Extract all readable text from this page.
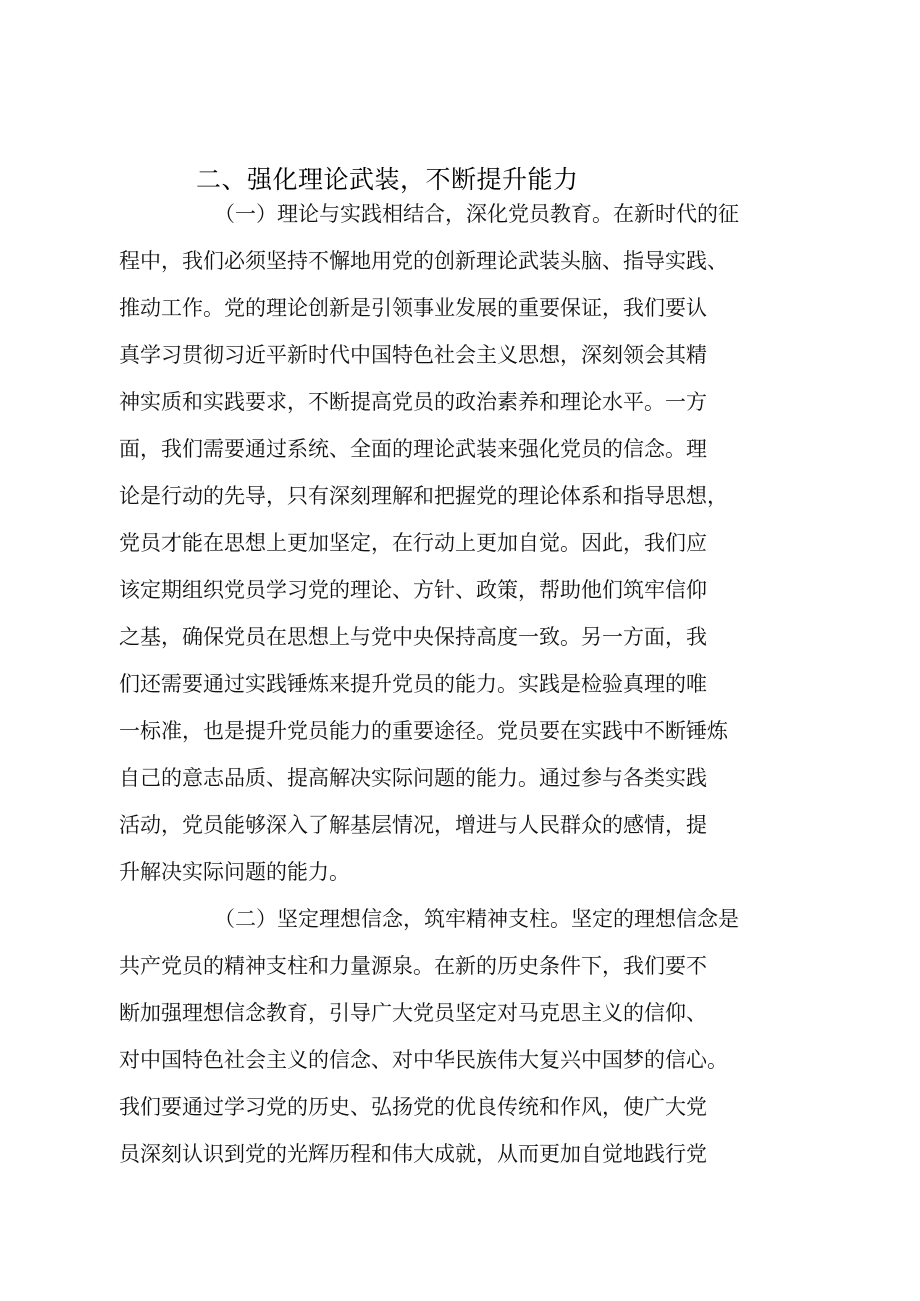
二、强化理论武装，不断提升能力
（一）理论与实践相结合，深化党员教育。在新时代的征
程中，我们必须坚持不懈地用党的创新理论武装头脑、指导实践、
推动工作。党的理论创新是引领事业发展的重要保证，我们要认
真学习贯彻习近平新时代中国特色社会主义思想，深刻领会其精
神实质和实践要求，不断提高党员的政治素养和理论水平。一方
面，我们需要通过系统、全面的理论武装来强化党员的信念。理
论是行动的先导，只有深刻理解和把握党的理论体系和指导思想，
党员才能在思想上更加坚定，在行动上更加自觉。因此，我们应
该定期组织党员学习党的理论、方针、政策，帮助他们筑牢信仰
之基，确保党员在思想上与党中央保持高度一致。另一方面，我
们还需要通过实践锤炼来提升党员的能力。实践是检验真理的唯
一标准，也是提升党员能力的重要途径。党员要在实践中不断锤炼
自己的意志品质、提高解决实际问题的能力。通过参与各类实践
活动，党员能够深入了解基层情况，增进与人民群众的感情，提
升解决实际问题的能力。
（二）坚定理想信念，筑牢精神支柱。坚定的理想信念是
共产党员的精神支柱和力量源泉。在新的历史条件下，我们要不
断加强理想信念教育，引导广大党员坚定对马克思主义的信仰、
对中国特色社会主义的信念、对中华民族伟大复兴中国梦的信心。
我们要通过学习党的历史、弘扬党的优良传统和作风，使广大党
员深刻认识到党的光辉历程和伟大成就，从而更加自觉地践行党
